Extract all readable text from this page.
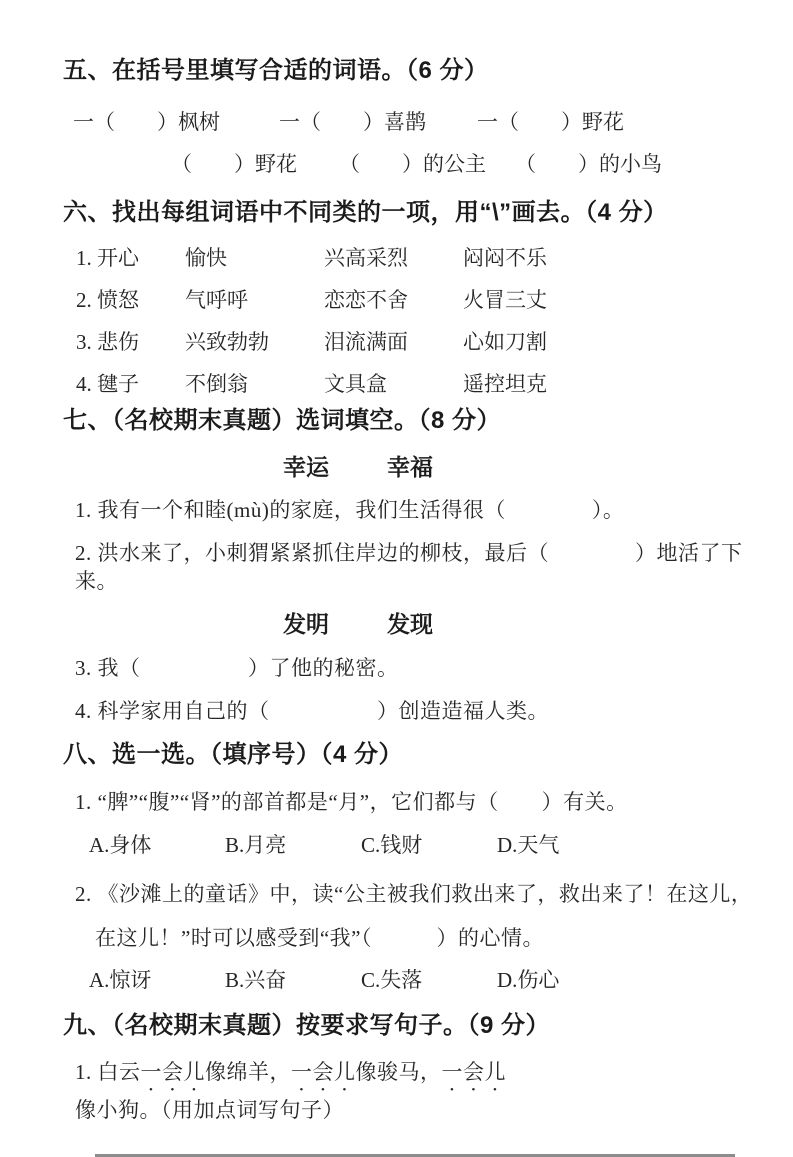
五、在括号里填写合适的词语。（6 分）
一（　　）枫树	一（　　）喜鹊	一（　　）野花
（　　）野花	（　　）的公主	（　　）的小鸟
六、找出每组词语中不同类的一项，用“\”画去。（4 分）
1. 开心	愉快	兴高采烈	闷闷不乐
2. 愤怒	气呼呼	恋恋不舍	火冒三丈
3. 悲伤	兴致勃勃	泪流满面	心如刀割
4. 毽子	不倒翁	文具盒	遥控坦克
七、（名校期末真题）选词填空。（8 分）
幸运	幸福
1. 我有一个和睦(mù)的家庭，我们生活得很（　　　　）。
2. 洪水来了，小刺猬紧紧抓住岸边的柳枝，最后（　　　　）地活了下来。
发明	发现
3. 我（　　　　　）了他的秘密。
4. 科学家用自己的（　　　　　）创造造福人类。
八、选一选。（填序号）（4 分）
1. “脾”“腹”“肾”的部首都是“月”，它们都与（　　）有关。
A.身体	B.月亮	C.钱财	D.天气
2. 《沙滩上的童话》中，读“公主被我们救出来了，救出来了！在这儿，
在这儿！”时可以感受到“我”（　　　）的心情。
A.惊讶	B.兴奋	C.失落	D.伤心
九、（名校期末真题）按要求写句子。（9 分）
1. 白云一会儿像绵羊，一会儿像骏马，一会儿像小狗。（用加点词写句子）
